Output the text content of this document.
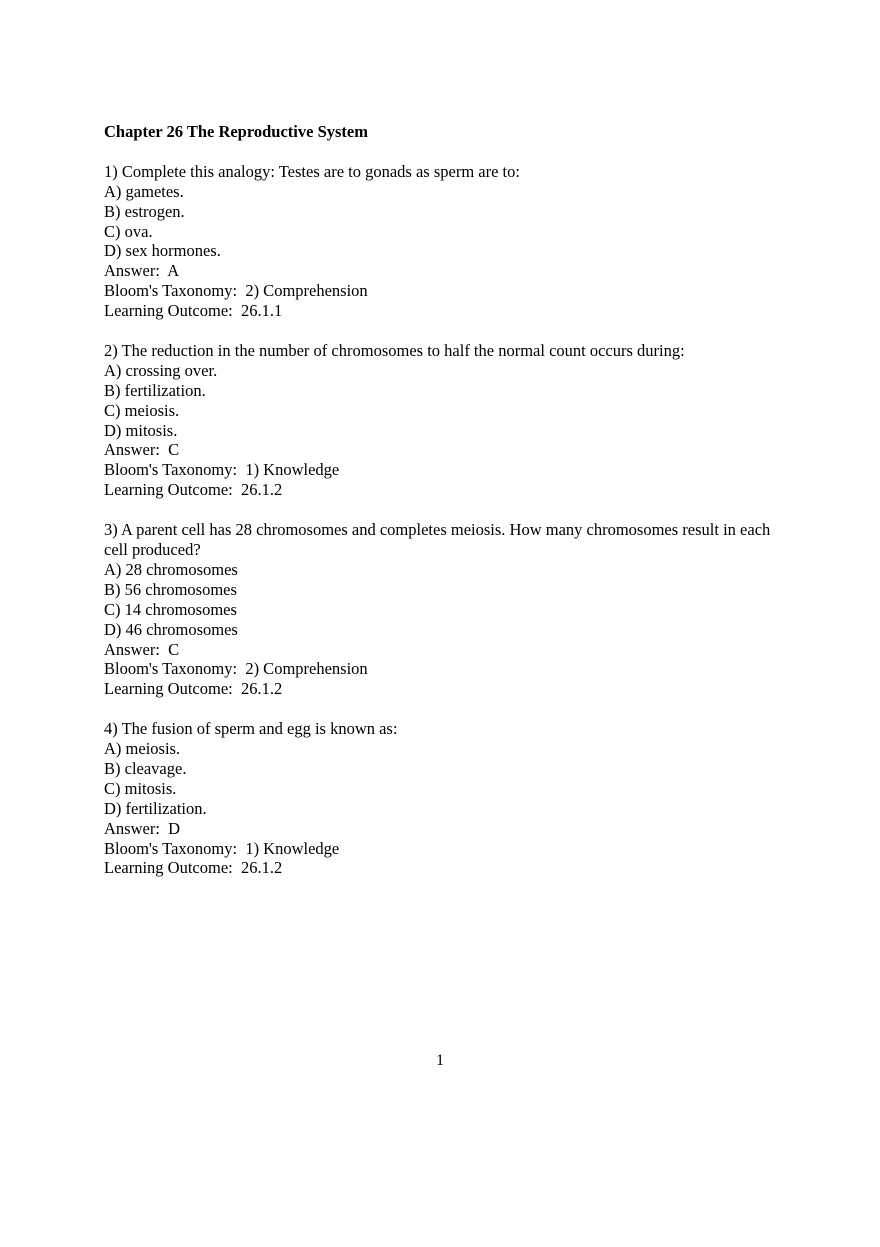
Chapter 26 The Reproductive System
1) Complete this analogy: Testes are to gonads as sperm are to:
A) gametes.
B) estrogen.
C) ova.
D) sex hormones.
Answer:  A
Bloom's Taxonomy:  2) Comprehension
Learning Outcome:  26.1.1
2) The reduction in the number of chromosomes to half the normal count occurs during:
A) crossing over.
B) fertilization.
C) meiosis.
D) mitosis.
Answer:  C
Bloom's Taxonomy:  1) Knowledge
Learning Outcome:  26.1.2
3) A parent cell has 28 chromosomes and completes meiosis. How many chromosomes result in each cell produced?
A) 28 chromosomes
B) 56 chromosomes
C) 14 chromosomes
D) 46 chromosomes
Answer:  C
Bloom's Taxonomy:  2) Comprehension
Learning Outcome:  26.1.2
4) The fusion of sperm and egg is known as:
A) meiosis.
B) cleavage.
C) mitosis.
D) fertilization.
Answer:  D
Bloom's Taxonomy:  1) Knowledge
Learning Outcome:  26.1.2
1
